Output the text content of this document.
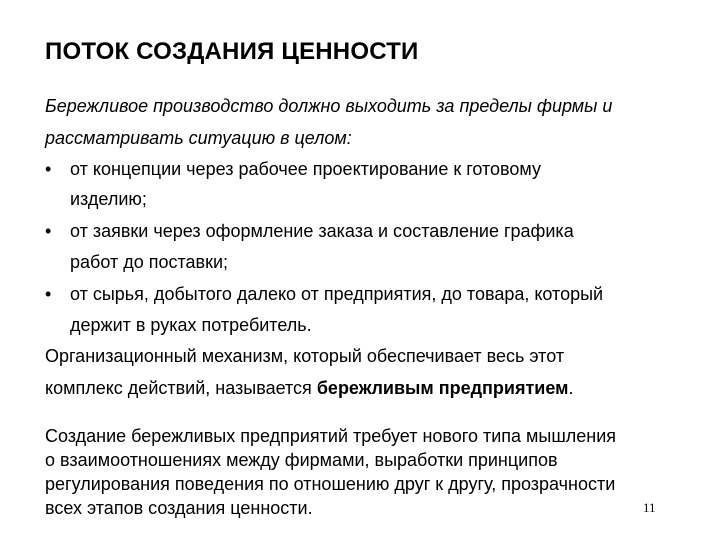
ПОТОК СОЗДАНИЯ ЦЕННОСТИ
Бережливое производство должно выходить за пределы фирмы и
рассматривать ситуацию в целом:
• от концепции через рабочее проектирование к готовому
изделию;
• от заявки через оформление заказа и составление графика
работ до поставки;
• от сырья, добытого далеко от предприятия, до товара, который
держит в руках потребитель.
Организационный механизм, который обеспечивает весь этот
комплекс действий, называется бережливым предприятием.
Создание бережливых предприятий требует нового типа мышления
о взаимоотношениях между фирмами, выработки принципов
регулирования поведения по отношению друг к другу, прозрачности
всех этапов создания ценности.	11
